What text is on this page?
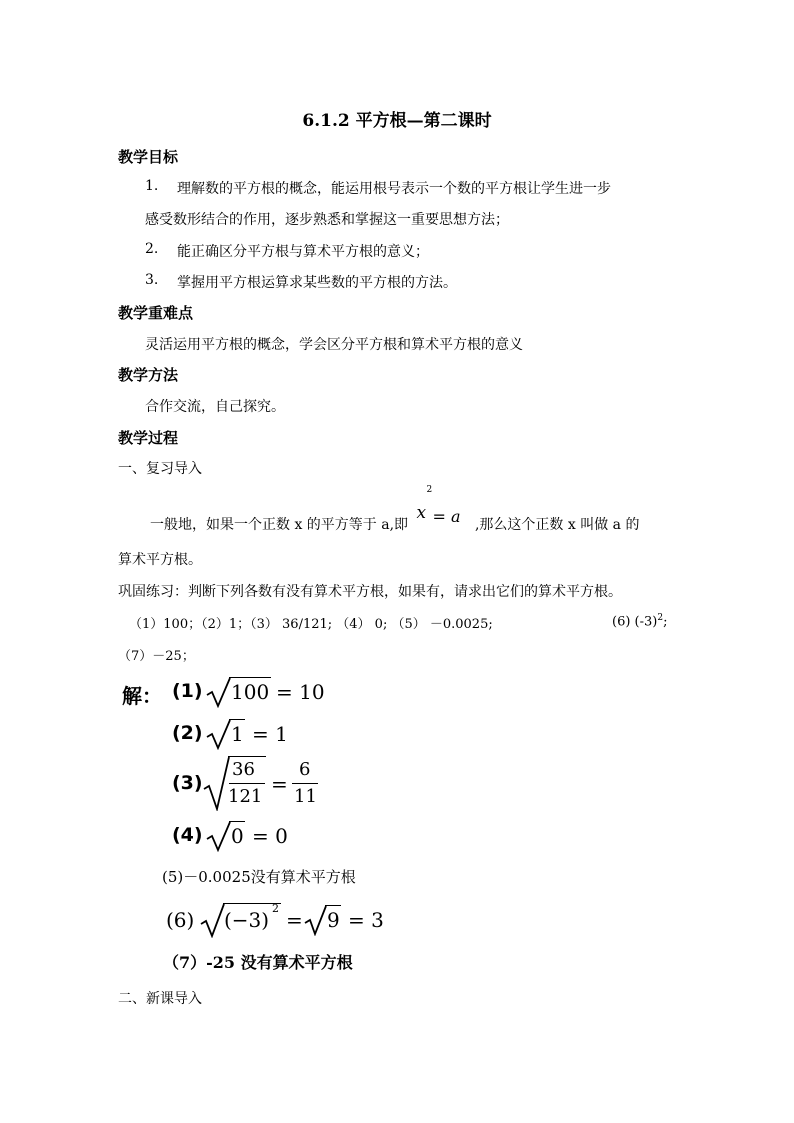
6.1.2 平方根—第二课时
教学目标
1. 理解数的平方根的概念，能运用根号表示一个数的平方根让学生进一步
感受数形结合的作用，逐步熟悉和掌握这一重要思想方法；
2. 能正确区分平方根与算术平方根的意义；
3. 掌握用平方根运算求某些数的平方根的方法。
教学重难点
灵活运用平方根的概念，学会区分平方根和算术平方根的意义
教学方法
合作交流，自己探究。
教学过程
一、复习导入
一般地，如果一个正数 x 的平方等于 a,即
x
2
= a ,那么这个正数 x 叫做 a 的
算术平方根。
巩固练习：判断下列各数有没有算术平方根，如果有，请求出它们的算术平方根。
（1）100；（2）1；（3） 36/121; （4） 0; （5） －0.0025;	(6) $(-3)^2$;
（7）－25；
解： (1) 100 = 10
(2) 1 = 1
(3)
36
121
=
6
11
(4) 0 = 0
(5)－0.0025没有算术平方根
(6) (−3) 2 = 9 = 3
（7）-25 没有算术平方根
二、新课导入
